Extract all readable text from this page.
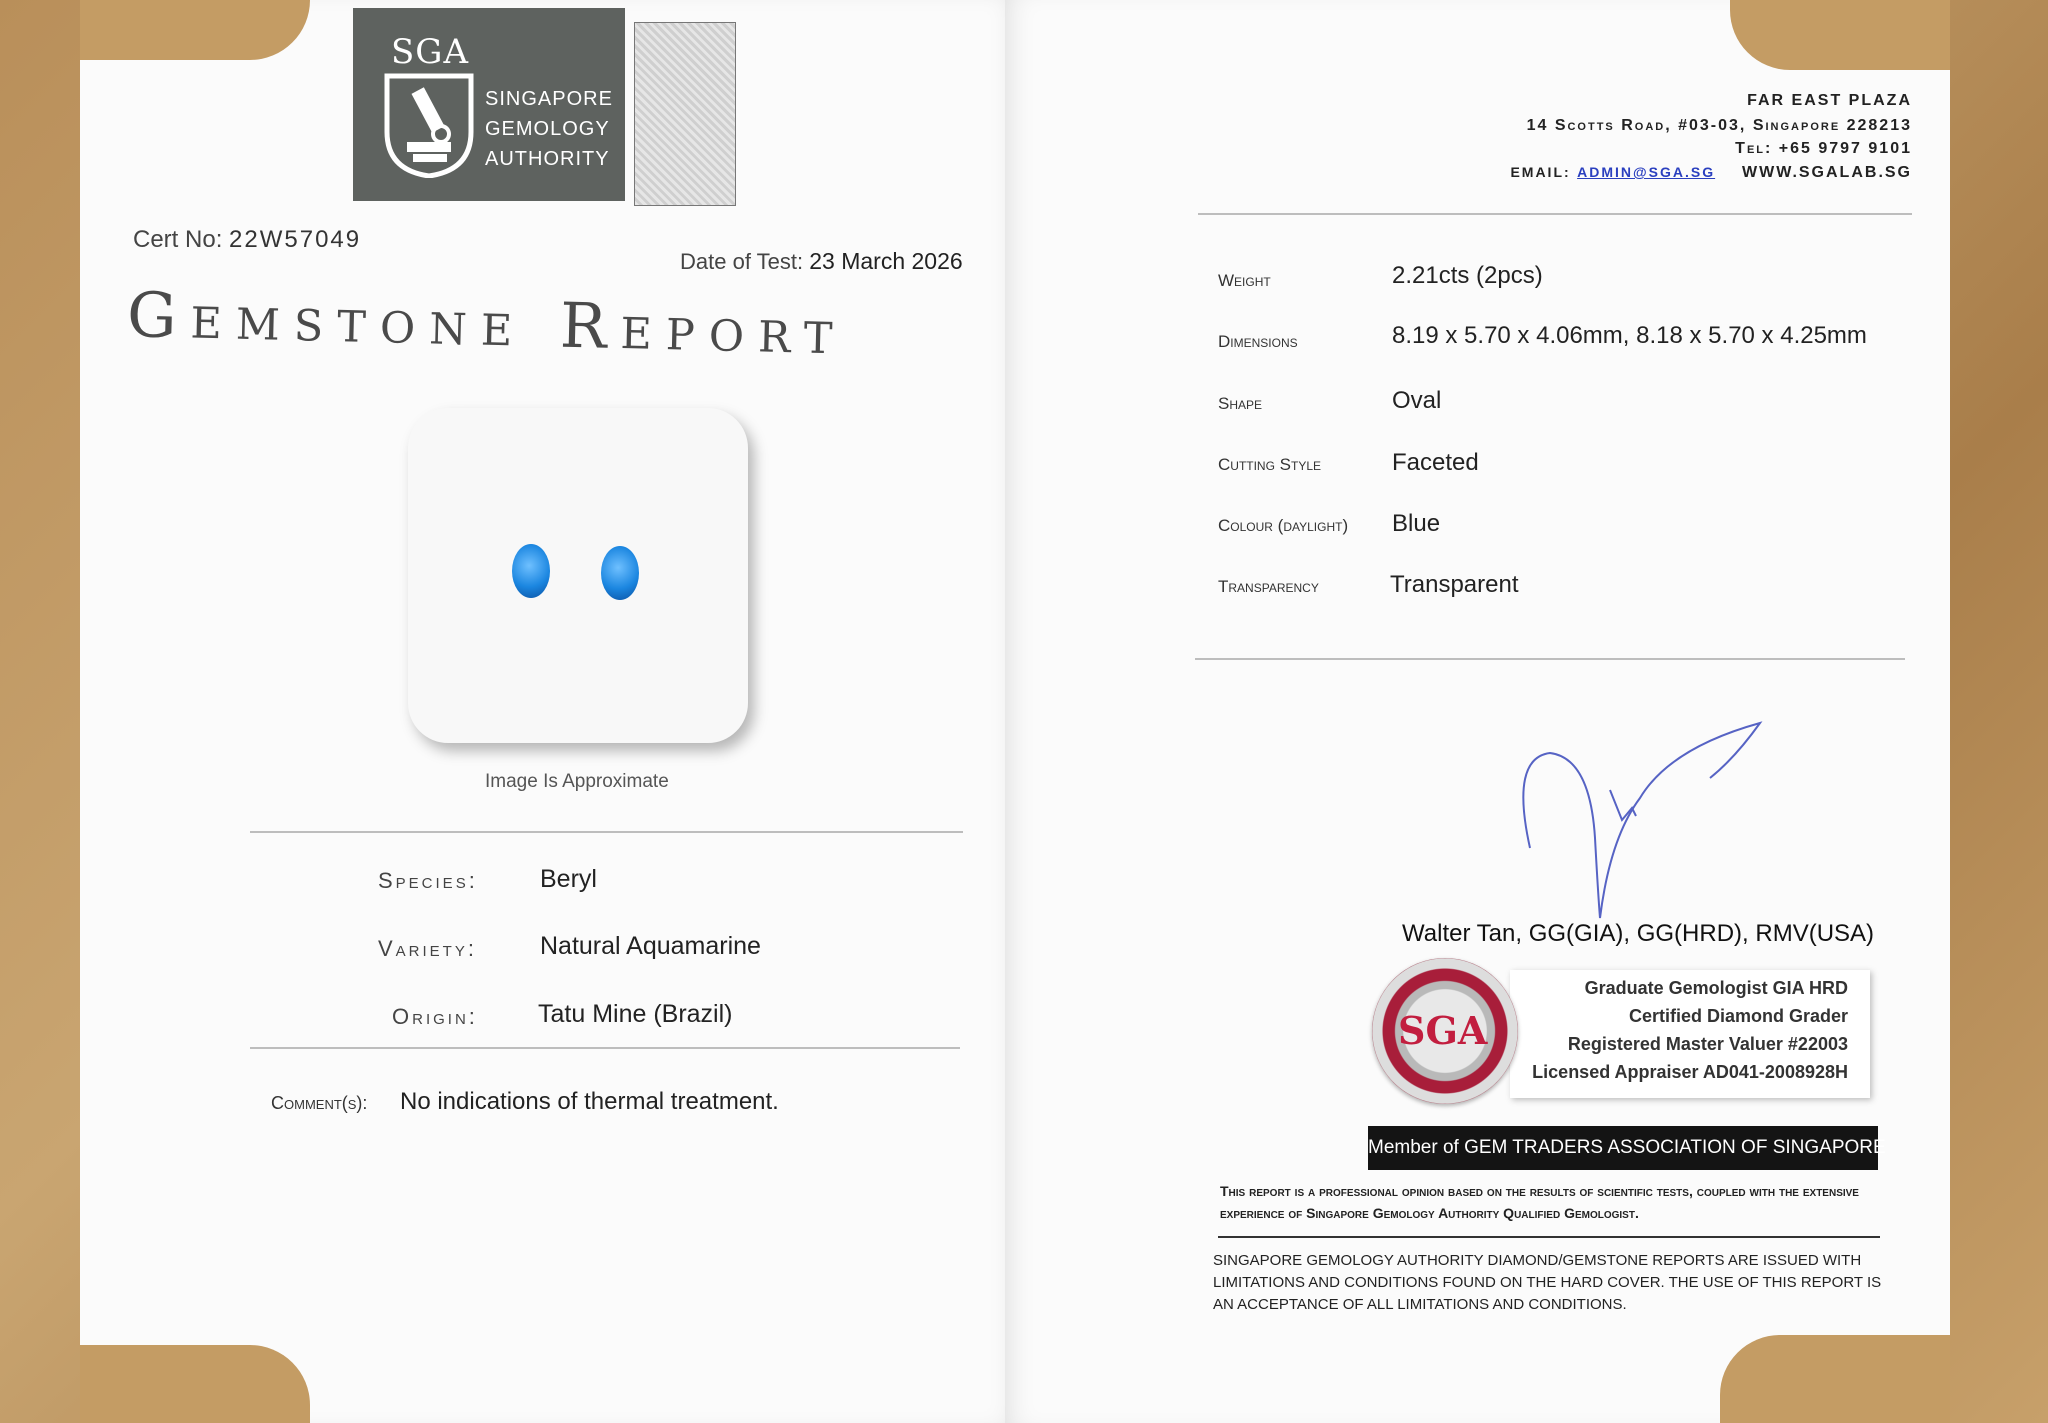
SGA
SINGAPORE
GEMOLOGY
AUTHORITY
Cert No: 22W57049
Date of Test: 23 March 2026
Gemstone Report
Image Is Approximate
Species: Beryl
Variety:	Natural Aquamarine
Origin: Tatu Mine (Brazil)
Comment(s): No indications of thermal treatment.
FAR EAST PLAZA
14 Scotts Road, #03-03, Singapore 228213
Tel: +65 9797 9101
EMAIL: ADMIN@SGA.SG WWW.SGALAB.SG
Weight	2.21cts (2pcs)
Dimensions	8.19 x 5.70 x 4.06mm, 8.18 x 5.70 x 4.25mm
Shape	Oval
Cutting Style	Faceted
Colour (daylight) Blue
Transparency	Transparent
Walter Tan, GG(GIA), GG(HRD), RMV(USA)
Graduate Gemologist GIA HRD
Certified Diamond Grader
Registered Master Valuer #22003
Licensed Appraiser AD041-2008928H
SGA
Member of GEM TRADERS ASSOCIATION OF SINGAPORE
This report is a professional opinion based on the results of scientific tests, coupled with the extensive experience of Singapore Gemology Authority Qualified Gemologist.
SINGAPORE GEMOLOGY AUTHORITY DIAMOND/GEMSTONE REPORTS ARE ISSUED WITH LIMITATIONS AND CONDITIONS FOUND ON THE HARD COVER. THE USE OF THIS REPORT IS AN ACCEPTANCE OF ALL LIMITATIONS AND CONDITIONS.
